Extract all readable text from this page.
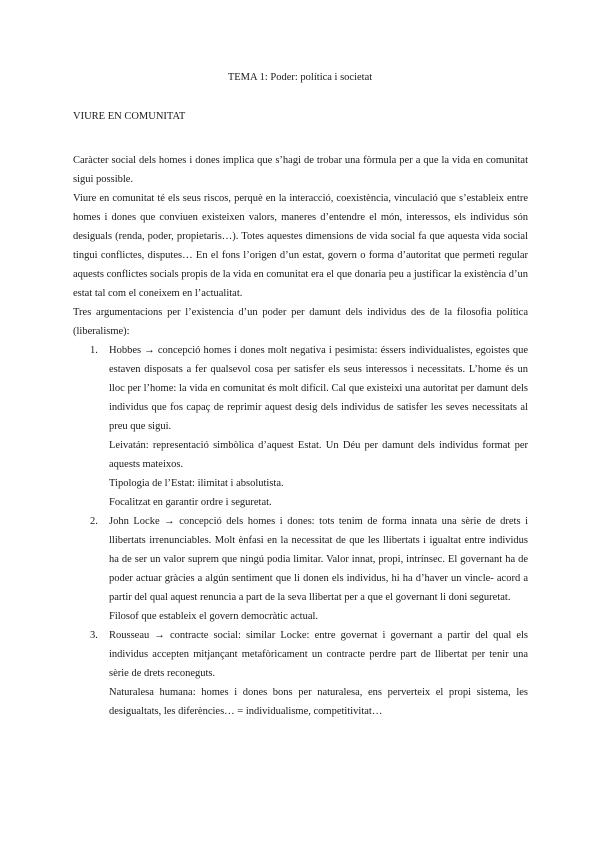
TEMA 1: Poder: política i societat
VIURE EN COMUNITAT

Caràcter social dels homes i dones implica que s’hagi de trobar una fòrmula per a que la vida en comunitat sigui possible.

Viure en comunitat té els seus riscos, perquè en la interacció, coexistència, vinculació que s’estableix entre homes i dones que conviuen existeixen valors, maneres d’entendre el món, interessos, els individus són desiguals (renda, poder, propietaris…). Totes aquestes dimensions de vida social fa que aquesta vida social tingui conflictes, disputes… En el fons l’origen d’un estat, govern o forma d’autoritat que permeti regular aquests conflictes socials propis de la vida en comunitat era el que donaria peu a justificar la existència d’un estat tal com el coneixem en l’actualitat.

Tres argumentacions per l’existencia d’un poder per damunt dels individus des de la filosofia política (liberalisme):

1. Hobbes → concepció homes i dones molt negativa i pesimista: éssers individualistes, egoistes que estaven disposats a fer qualsevol cosa per satisfer els seus interessos i necessitats. L’home és un lloc per l’home: la vida en comunitat és molt difícil. Cal que existeixi una autoritat per damunt dels individus que fos capaç de reprimir aquest desig dels individus de satisfer les seves necessitats al preu que sigui.

Leivatán: representació simbòlica d’aquest Estat. Un Déu per damunt dels individus format per aquests mateixos.

Tipologia de l’Estat: ilimitat i absolutista.

Focalitzat en garantir ordre i seguretat.

2. John Locke → concepció dels homes i dones: tots tenim de forma innata una sèrie de drets i llibertats irrenunciables. Molt ènfasi en la necessitat de que les llibertats i igualtat entre individus ha de ser un valor suprem que ningú podia limitar. Valor innat, propi, intrínsec. El governant ha de poder actuar gràcies a algún sentiment que li donen els individus, hi ha d’haver un vincle- acord a partir del qual aquest renuncia a part de la seva llibertat per a que el governant li doni seguretat.

Filosof que estableix el govern democràtic actual.

3. Rousseau → contracte social: similar Locke: entre governat i governant a partir del qual els individus accepten mitjançant metafòricament un contracte perdre part de llibertat per tenir una sèrie de drets reconeguts.

Naturalesa humana: homes i dones bons per naturalesa, ens perverteix el propi sistema, les desigualtats, les diferències… = individualisme, competitivitat…
